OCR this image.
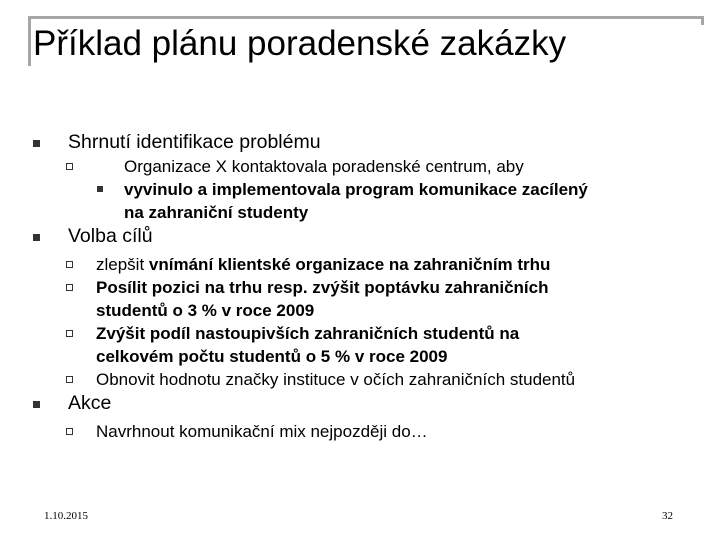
Příklad plánu poradenské zakázky
Shrnutí identifikace problému
Organizace X kontaktovala poradenské centrum, aby
vyvinulo a implementovala program komunikace zacílený
na zahraniční studenty
Volba cílů
zlepšit vnímání klientské organizace na zahraničním trhu
Posílit pozici na trhu resp. zvýšit poptávku zahraničních
studentů o 3 % v roce 2009
Zvýšit podíl nastoupivších zahraničních studentů na
celkovém počtu studentů o 5 % v roce 2009
Obnovit hodnotu značky instituce v očích zahraničních studentů
Akce
Navrhnout komunikační mix nejpozději do…
1.10.2015	32
